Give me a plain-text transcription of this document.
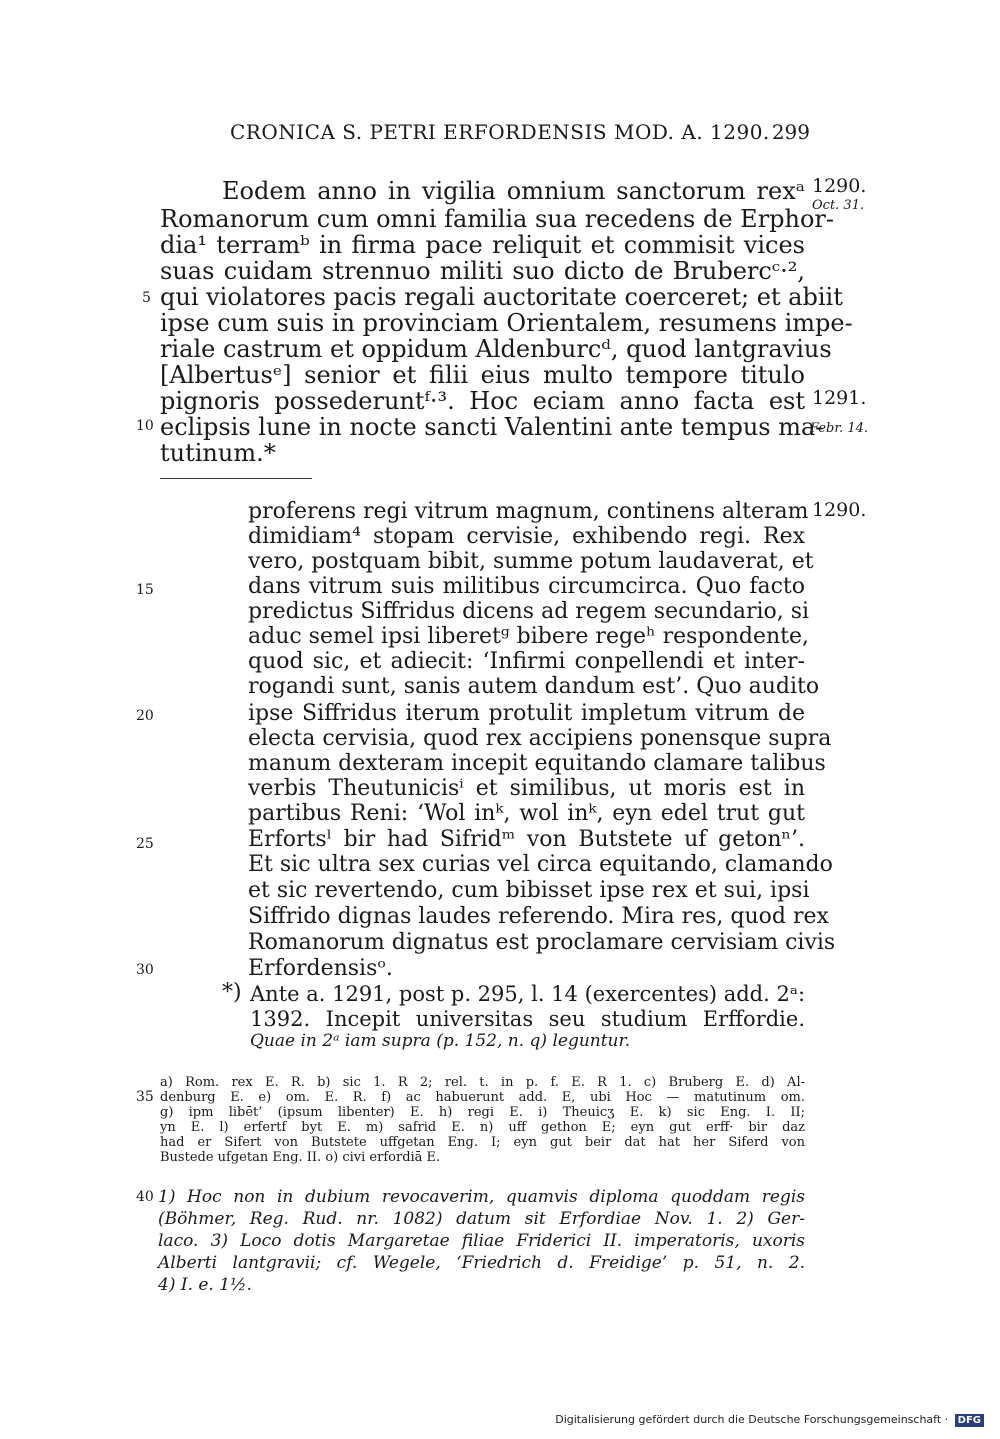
CRONICA S. PETRI ERFORDENSIS MOD. A. 1290. 299
Eodem anno in vigilia omnium sanctorum rexᵃ
Romanorum cum omni familia sua recedens de Erphor-
dia¹ terramᵇ in firma pace reliquit et commisit vices
suas cuidam strennuo militi suo dicto de Brubercᶜ·²,
qui violatores pacis regali auctoritate coerceret; et abiit
ipse cum suis in provinciam Orientalem, resumens impe-
riale castrum et oppidum Aldenburcᵈ, quod lantgravius
[Albertusᵉ] senior et filii eius multo tempore titulo
pignoris possederuntᶠ·³. Hoc eciam anno facta est
eclipsis lune in nocte sancti Valentini ante tempus ma-
tutinum.*
1290.
Oct. 31.
1291.
Febr. 14.
1290.
5
10
15
20
25
30
35
40
proferens regi vitrum magnum, continens alteram
dimidiam⁴ stopam cervisie, exhibendo regi. Rex
vero, postquam bibit, summe potum laudaverat, et
dans vitrum suis militibus circumcirca. Quo facto
predictus Siffridus dicens ad regem secundario, si
aduc semel ipsi liberetᵍ bibere regeʰ respondente,
quod sic, et adiecit: ‘Infirmi conpellendi et inter-
rogandi sunt, sanis autem dandum est’. Quo audito
ipse Siffridus iterum protulit impletum vitrum de
electa cervisia, quod rex accipiens ponensque supra
manum dexteram incepit equitando clamare talibus
verbis Theutunicisⁱ et similibus, ut moris est in
partibus Reni: ‘Wol inᵏ, wol inᵏ, eyn edel trut gut
Erfortsˡ bir had Sifridᵐ von Butstete uf getonⁿ’.
Et sic ultra sex curias vel circa equitando, clamando
et sic revertendo, cum bibisset ipse rex et sui, ipsi
Siffrido dignas laudes referendo. Mira res, quod rex
Romanorum dignatus est proclamare cervisiam civis
Erfordensisᵒ.
*) Ante a. 1291, post p. 295, l. 14 (exercentes) add. 2ᵃ:
1392. Incepit universitas seu studium Erffordie.
Quae in 2ᵃ iam supra (p. 152, n. q) leguntur.
a) Rom. rex E. R. b) sic 1. R 2; rel. t. in p. f. E. R 1. c) Bruberg E. d) Al-
denburg E. e) om. E. R. f) ac habuerunt add. E, ubi Hoc — matutinum om.
g) ipm libēt’ (ipsum libenter) E. h) regi E. i) Theuicʒ E. k) sic Eng. I. II;
yn E. l) erfertf byt E. m) safrid E. n) uff gethon E; eyn gut erff· bir daz
had er Sifert von Butstete uffgetan Eng. I; eyn gut beir dat hat her Siferd von
Bustede ufgetan Eng. II. o) civi erfordiā E.
1) Hoc non in dubium revocaverim, quamvis diploma quoddam regis
(Böhmer, Reg. Rud. nr. 1082) datum sit Erfordiae Nov. 1. 2) Ger-
laco. 3) Loco dotis Margaretae filiae Friderici II. imperatoris, uxoris
Alberti lantgravii; cf. Wegele, ‘Friedrich d. Freidige’ p. 51, n. 2.
4) I. e. 1½.
Digitalisierung gefördert durch die Deutsche Forschungsgemeinschaft · DFG
